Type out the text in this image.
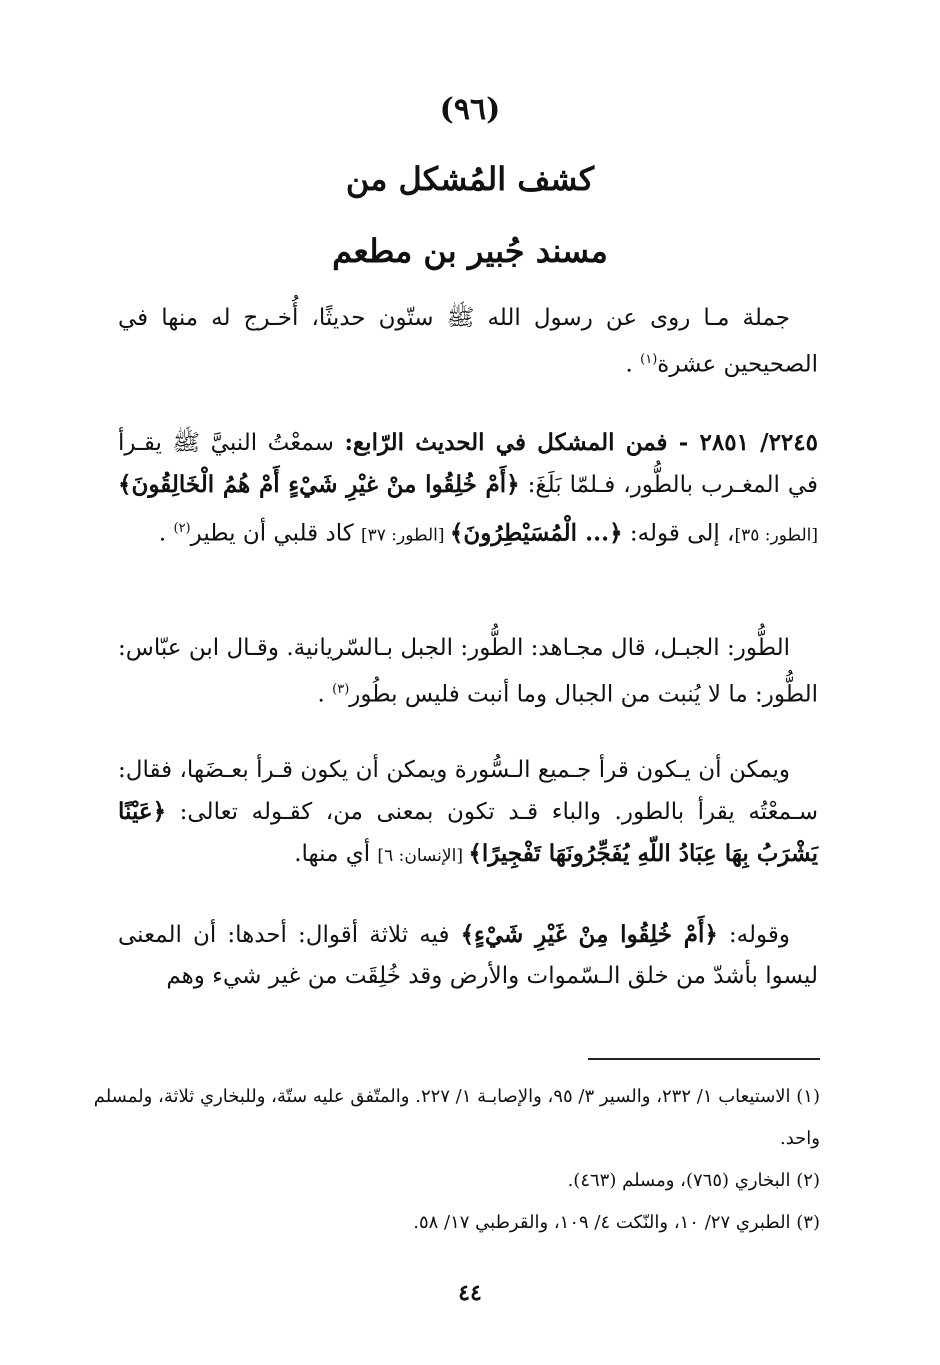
(٩٦)
كشف المُشكل من
مسند جُبير بن مطعم
جملة مـا روى عن رسول الله ﷺ ستّون حديثًا، أُخـرج له منها في الصحيحين عشرة$^{(١)}$ .
٢٢٤٥/ ٢٨٥١ - فمن المشكل في الحديث الرّابع: سمعْتُ النبيَّ ﷺ يقـرأ في المغـرب بالطُّور، فـلمّا بَلَغَ: ﴿أَمْ خُلِقُوا منْ غيْرِ شَيْءٍ أَمْ هُمُ الْخَالِقُونَ﴾ [الطور: ٣٥]، إلى قوله: ﴿... الْمُسَيْطِرُونَ﴾ [الطور: ٣٧] كاد قلبي أن يطير$^{(٢)}$ .
الطُّور: الجبـل، قال مجـاهد: الطُّور: الجبل بـالسّريانية. وقـال ابن عبّاس: الطُّور: ما لا يُنبت من الجبال وما أنبت فليس بطُور$^{(٣)}$ .
ويمكن أن يـكون قرأ جـميع الـسُّورة ويمكن أن يكون قـرأ بعـضَها، فقال: سـمعْتُه يقرأ بالطور. والباء قـد تكون بمعنى من، كقـوله تعالى: ﴿عَيْنًا يَشْرَبُ بِهَا عِبَادُ اللّهِ يُفَجِّرُونَهَا تَفْجِيرًا﴾ [الإنسان: ٦] أي منها.
وقوله: ﴿أَمْ خُلِقُوا مِنْ غَيْرِ شَيْءٍ﴾ فيه ثلاثة أقوال: أحدها: أن المعنى ليسوا بأشدّ من خلق الـسّموات والأرض وقد خُلِقَت من غير شيء وهم
(١) الاستيعاب ١/ ٢٣٢، والسير ٣/ ٩٥، والإصابـة ١/ ٢٢٧. والمتّفق عليه ستّة، وللبخاري ثلاثة، ولمسلم واحد.
(٢) البخاري (٧٦٥)، ومسلم (٤٦٣).
(٣) الطبري ٢٧/ ١٠، والنّكت ٤/ ١٠٩، والقرطبي ١٧/ ٥٨.
٤٤
